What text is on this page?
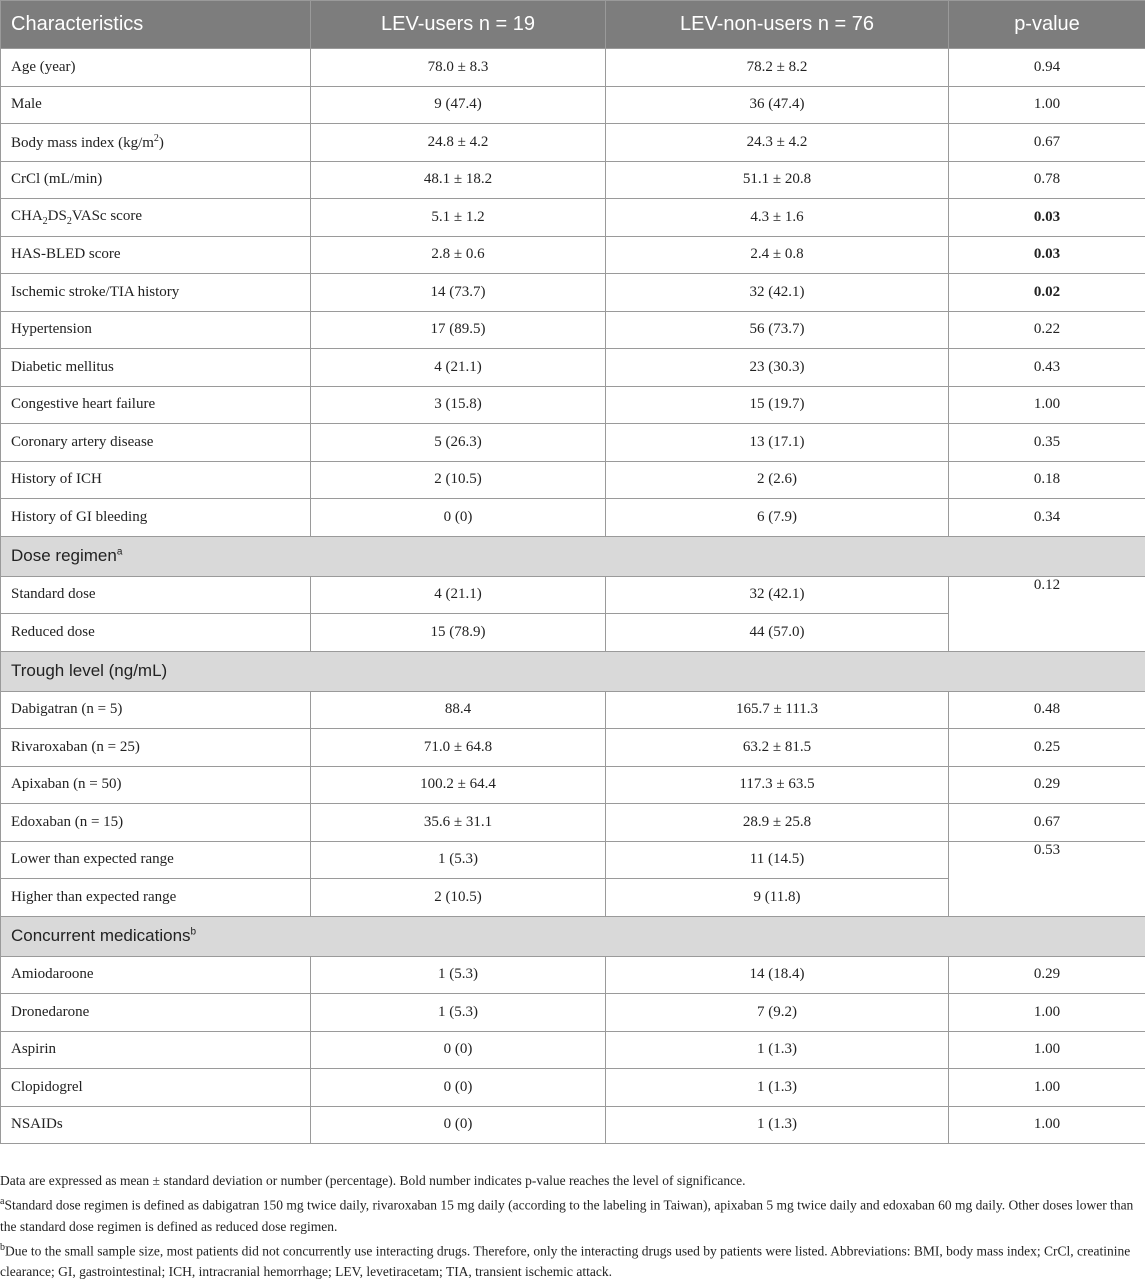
Characteristics	LEV-users n = 19	LEV-non-users n = 76	p-value
Age (year)	78.0 ± 8.3	78.2 ± 8.2	0.94
Male	9 (47.4)	36 (47.4)	1.00
Body mass index $(kg/m^2)$	24.8 ± 4.2	24.3 ± 4.2	0.67
CrCl (mL/min)	48.1 ± 18.2	51.1 ± 20.8	0.78
$CHA_2DS_2VASc$ score	5.1 ± 1.2	4.3 ± 1.6	0.03
HAS-BLED score	2.8 ± 0.6	2.4 ± 0.8	0.03
Ischemic stroke/TIA history	14 (73.7)	32 (42.1)	0.02
Hypertension	17 (89.5)	56 (73.7)	0.22
Diabetic mellitus	4 (21.1)	23 (30.3)	0.43
Congestive heart failure	3 (15.8)	15 (19.7)	1.00
Coronary artery disease	5 (26.3)	13 (17.1)	0.35
History of ICH	2 (10.5)	2 (2.6)	0.18
History of GI bleeding	0 (0)	6 (7.9)	0.34
Dose regimen$^a$
Standard dose	4 (21.1)	32 (42.1)	0.12
Reduced dose	15 (78.9)	44 (57.0)	
Trough level (ng/mL)			
Dabigatran (n = 5)	88.4	165.7 ± 111.3	0.48
Rivaroxaban (n = 25)	71.0 ± 64.8	63.2 ± 81.5	0.25
Apixaban (n = 50)	100.2 ± 64.4	117.3 ± 63.5	0.29
Edoxaban (n = 15)	35.6 ± 31.1	28.9 ± 25.8	0.67
Lower than expected range	1 (5.3)	11 (14.5)	0.53
Higher than expected range	2 (10.5)	9 (11.8)	
Concurrent medications$^b$
Amiodaroone	1 (5.3)	14 (18.4)	0.29
Dronedarone	1 (5.3)	7 (9.2)	1.00
Aspirin	0 (0)	1 (1.3)	1.00
Clopidogrel	0 (0)	1 (1.3)	1.00
NSAIDs	0 (0)	1 (1.3)	1.00

Data are expressed as mean ± standard deviation or number (percentage). Bold number indicates p-value reaches the level of significance.

$^a$Standard dose regimen is defined as dabigatran 150 mg twice daily, rivaroxaban 15 mg daily (according to the labeling in Taiwan), apixaban 5 mg twice daily and edoxaban 60 mg daily. Other doses lower than the standard dose regimen is defined as reduced dose regimen.

$^b$Due to the small sample size, most patients did not concurrently use interacting drugs. Therefore, only the interacting drugs used by patients were listed. Abbreviations: BMI, body mass index; CrCl, creatinine clearance; GI, gastrointestinal; ICH, intracranial hemorrhage; LEV, levetiracetam; TIA, transient ischemic attack.
